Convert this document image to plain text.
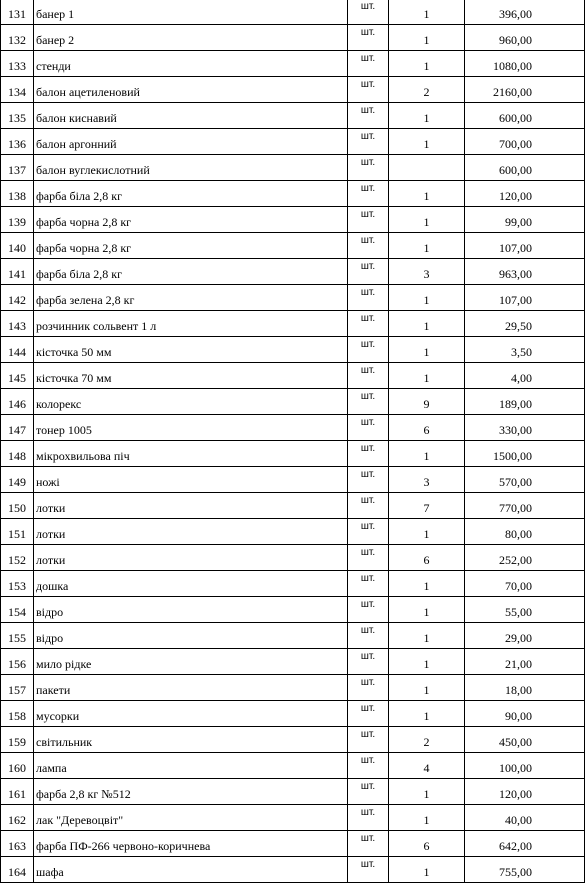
131	банер 1	шт.	1	396,00
132	банер 2	шт.	1	960,00
133	стенди	шт.	1	1080,00
134	балон ацетиленовий	шт.	2	2160,00
135	балон киснавий	шт.	1	600,00
136	балон аргонний	шт.	1	700,00
137	балон вуглекислотний	шт.		600,00
138	фарба біла 2,8 кг	шт.	1	120,00
139	фарба чорна 2,8 кг	шт.	1	99,00
140	фарба чорна 2,8 кг	шт.	1	107,00
141	фарба біла 2,8 кг	шт.	3	963,00
142	фарба зелена 2,8 кг	шт.	1	107,00
143	розчинник сольвент 1 л	шт.	1	29,50
144	кісточка 50 мм	шт.	1	3,50
145	кісточка 70 мм	шт.	1	4,00
146	колорекс	шт.	9	189,00
147	тонер 1005	шт.	6	330,00
148	мікрохвильова піч	шт.	1	1500,00
149	ножі	шт.	3	570,00
150	лотки	шт.	7	770,00
151	лотки	шт.	1	80,00
152	лотки	шт.	6	252,00
153	дошка	шт.	1	70,00
154	відро	шт.	1	55,00
155	відро	шт.	1	29,00
156	мило рідке	шт.	1	21,00
157	пакети	шт.	1	18,00
158	мусорки	шт.	1	90,00
159	світильник	шт.	2	450,00
160	лампа	шт.	4	100,00
161	фарба 2,8 кг №512	шт.	1	120,00
162	лак "Деревоцвіт"	шт.	1	40,00
163	фарба ПФ-266 червоно-коричнева	шт.	6	642,00
164	шафа	шт.	1	755,00
